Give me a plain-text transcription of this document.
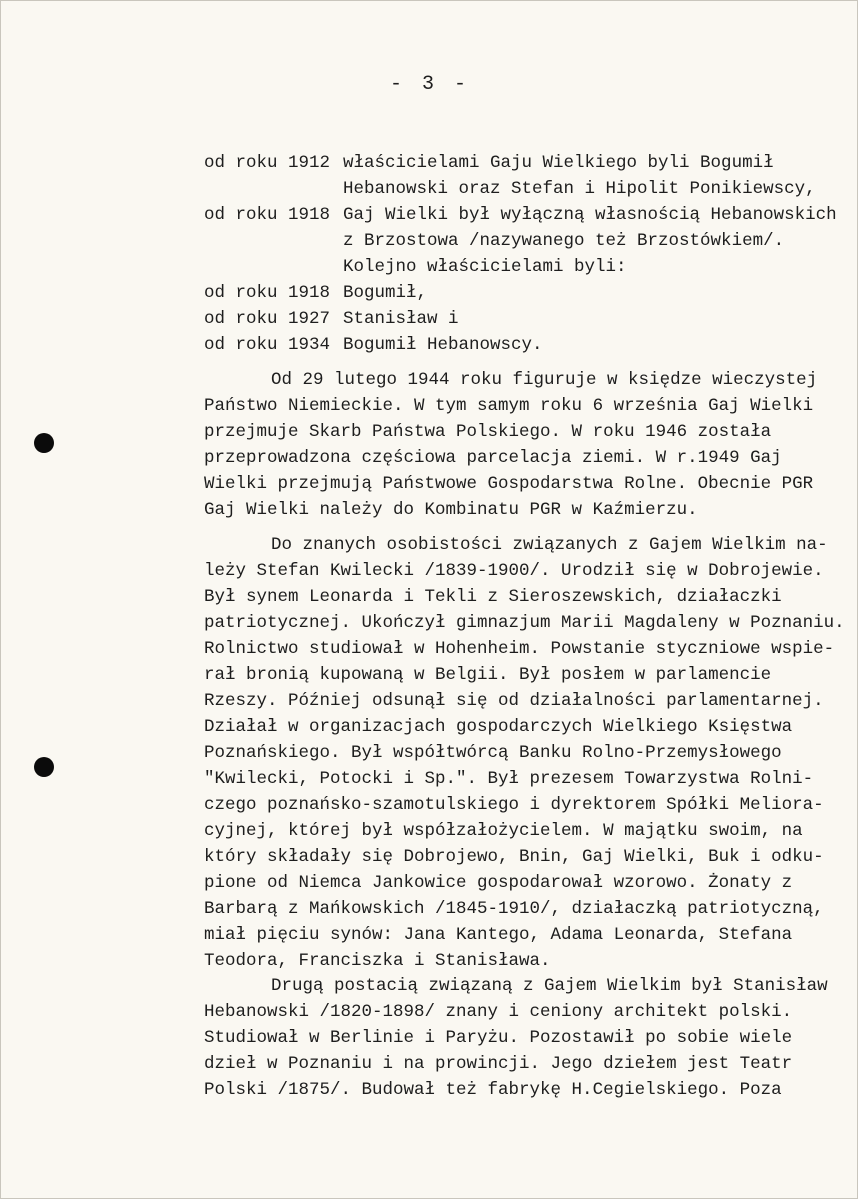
- 3 -
od roku 1912 właścicielami Gaju Wielkiego byli Bogumił
Hebanowski oraz Stefan i Hipolit Ponikiewscy,
od roku 1918 Gaj Wielki był wyłączną własnością Hebanowskich
z Brzostowa /nazywanego też Brzostówkiem/.
Kolejno właścicielami byli:
od roku 1918 Bogumił,
od roku 1927 Stanisław i
od roku 1934 Bogumił Hebanowscy.
Od 29 lutego 1944 roku figuruje w księdze wieczystej
Państwo Niemieckie. W tym samym roku 6 września Gaj Wielki
przejmuje Skarb Państwa Polskiego. W roku 1946 została
przeprowadzona częściowa parcelacja ziemi. W r.1949 Gaj
Wielki przejmują Państwowe Gospodarstwa Rolne. Obecnie PGR
Gaj Wielki należy do Kombinatu PGR w Kaźmierzu.
Do znanych osobistości związanych z Gajem Wielkim na-
leży Stefan Kwilecki /1839-1900/. Urodził się w Dobrojewie.
Był synem Leonarda i Tekli z Sieroszewskich, działaczki
patriotycznej. Ukończył gimnazjum Marii Magdaleny w Poznaniu.
Rolnictwo studiował w Hohenheim. Powstanie styczniowe wspie-
rał bronią kupowaną w Belgii. Był posłem w parlamencie
Rzeszy. Później odsunął się od działalności parlamentarnej.
Działał w organizacjach gospodarczych Wielkiego Księstwa
Poznańskiego. Był współtwórcą Banku Rolno-Przemysłowego
"Kwilecki, Potocki i Sp.". Był prezesem Towarzystwa Rolni-
czego poznańsko-szamotulskiego i dyrektorem Spółki Meliora-
cyjnej, której był współzałożycielem. W majątku swoim, na
który składały się Dobrojewo, Bnin, Gaj Wielki, Buk i odku-
pione od Niemca Jankowice gospodarował wzorowo. Żonaty z
Barbarą z Mańkowskich /1845-1910/, działaczką patriotyczną,
miał pięciu synów: Jana Kantego, Adama Leonarda, Stefana
Teodora, Franciszka i Stanisława.
Drugą postacią związaną z Gajem Wielkim był Stanisław
Hebanowski /1820-1898/ znany i ceniony architekt polski.
Studiował w Berlinie i Paryżu. Pozostawił po sobie wiele
dzieł w Poznaniu i na prowincji. Jego dziełem jest Teatr
Polski /1875/. Budował też fabrykę H.Cegielskiego. Poza
